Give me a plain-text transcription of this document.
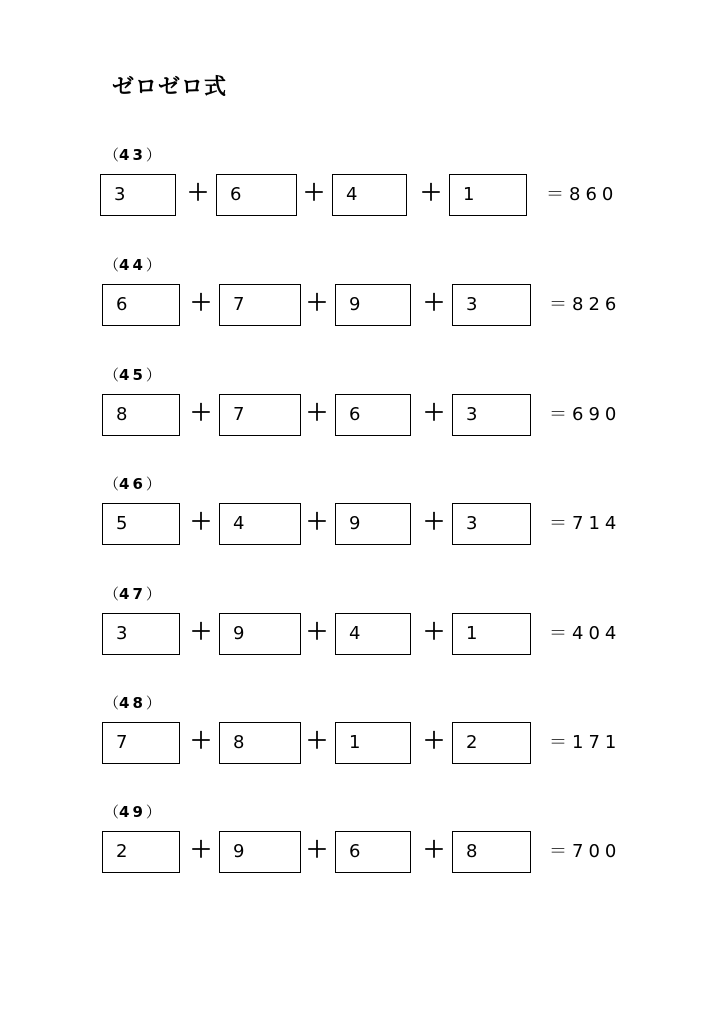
ゼロゼロ式
（43）
3	＋ 6	＋ 4	＋ 1	＝860
（44）
6	＋ 7	＋ 9	＋ 3	＝826
（45）
8	＋ 7	＋ 6	＋ 3	＝690
（46）
5	＋ 4	＋ 9	＋ 3	＝714
（47）
3	＋ 9	＋ 4	＋ 1	＝404
（48）
7	＋ 8	＋ 1	＋ 2	＝171
（49）
2	＋ 9	＋ 6	＋ 8	＝700
